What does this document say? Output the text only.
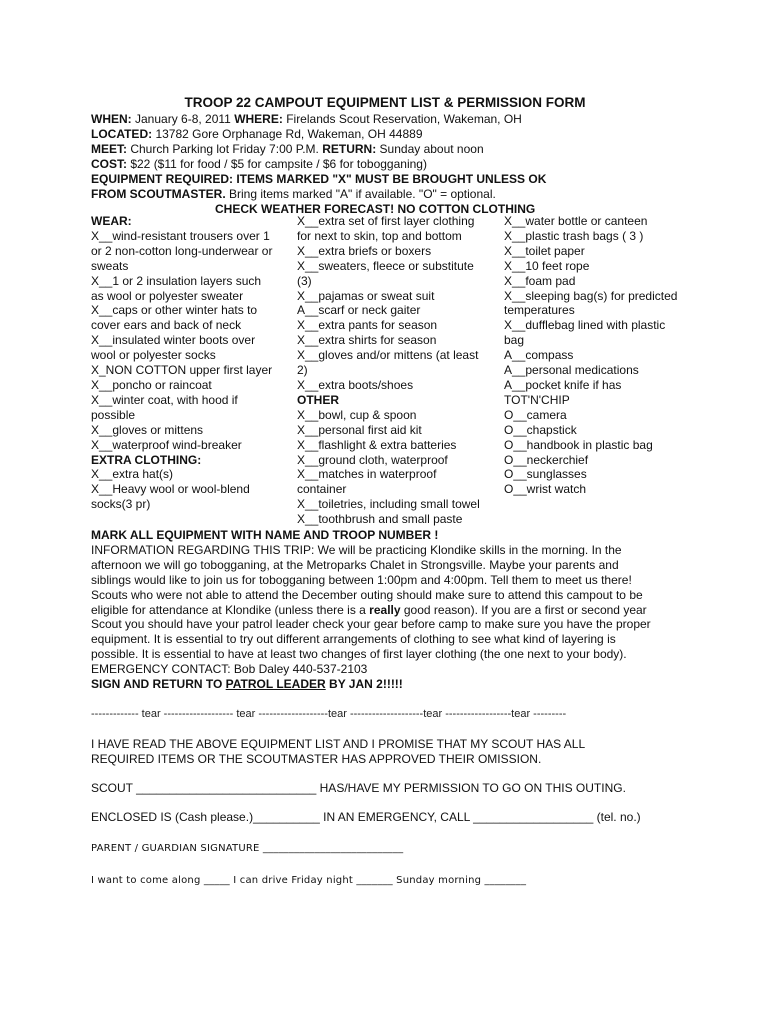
TROOP 22 CAMPOUT EQUIPMENT LIST & PERMISSION FORM
WHEN: January 6-8, 2011 WHERE: Firelands Scout Reservation, Wakeman, OH
LOCATED: 13782 Gore Orphanage Rd, Wakeman, OH 44889
MEET: Church Parking lot Friday 7:00 P.M. RETURN: Sunday about noon
COST: $22 ($11 for food / $5 for campsite / $6 for tobogganing)
EQUIPMENT REQUIRED: ITEMS MARKED "X" MUST BE BROUGHT UNLESS OK
FROM SCOUTMASTER. Bring items marked "A" if available. "O" = optional.
CHECK WEATHER FORECAST! NO COTTON CLOTHING
WEAR:
X__wind-resistant trousers over 1
or 2 non-cotton long-underwear or
sweats
X__1 or 2 insulation layers such
as wool or polyester sweater
X__caps or other winter hats to
cover ears and back of neck
X__insulated winter boots over
wool or polyester socks
X_NON COTTON upper first layer
X__poncho or raincoat
X__winter coat, with hood if
possible
X__gloves or mittens
X__waterproof wind-breaker
EXTRA CLOTHING:
X__extra hat(s)
X__Heavy wool or wool-blend
socks(3 pr)
X__extra set of first layer clothing
for next to skin, top and bottom
X__extra briefs or boxers
X__sweaters, fleece or substitute
(3)
X__pajamas or sweat suit
A__scarf or neck gaiter
X__extra pants for season
X__extra shirts for season
X__gloves and/or mittens (at least
2)
X__extra boots/shoes
OTHER
X__bowl, cup & spoon
X__personal first aid kit
X__flashlight & extra batteries
X__ground cloth, waterproof
X__matches in waterproof
container
X__toiletries, including small towel
X__toothbrush and small paste
X__water bottle or canteen
X__plastic trash bags ( 3 )
X__toilet paper
X__10 feet rope
X__foam pad
X__sleeping bag(s) for predicted
temperatures
X__dufflebag lined with plastic
bag
A__compass
A__personal medications
A__pocket knife if has
TOT'N'CHIP
O__camera
O__chapstick
O__handbook in plastic bag
O__neckerchief
O__sunglasses
O__wrist watch
MARK ALL EQUIPMENT WITH NAME AND TROOP NUMBER !
INFORMATION REGARDING THIS TRIP: We will be practicing Klondike skills in the morning. In the
afternoon we will go tobogganing, at the Metroparks Chalet in Strongsville. Maybe your parents and
siblings would like to join us for tobogganing between 1:00pm and 4:00pm. Tell them to meet us there!
Scouts who were not able to attend the December outing should make sure to attend this campout to be
eligible for attendance at Klondike (unless there is a really good reason). If you are a first or second year
Scout you should have your patrol leader check your gear before camp to make sure you have the proper
equipment. It is essential to try out different arrangements of clothing to see what kind of layering is
possible. It is essential to have at least two changes of first layer clothing (the one next to your body).
EMERGENCY CONTACT: Bob Daley 440-537-2103
SIGN AND RETURN TO PATROL LEADER BY JAN 2!!!!!
------------- tear ------------------- tear -------------------tear --------------------tear ------------------tear ---------
I HAVE READ THE ABOVE EQUIPMENT LIST AND I PROMISE THAT MY SCOUT HAS ALL
REQUIRED ITEMS OR THE SCOUTMASTER HAS APPROVED THEIR OMISSION.
SCOUT ___________________________ HAS/HAVE MY PERMISSION TO GO ON THIS OUTING.
ENCLOSED IS (Cash please.)__________ IN AN EMERGENCY, CALL __________________ (tel. no.)
PARENT / GUARDIAN SIGNATURE ___________________________
I want to come along _____ I can drive Friday night _______ Sunday morning ________
